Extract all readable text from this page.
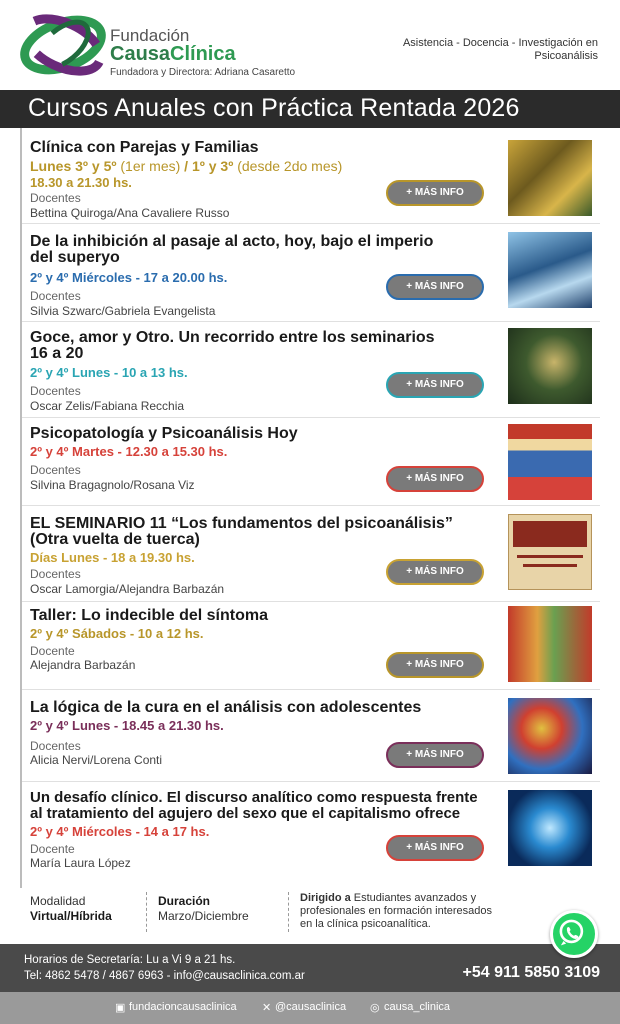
Fundación
CausaClínica
Fundadora y Directora: Adriana Casaretto
Asistencia - Docencia - Investigación en
Psicoanálisis
Cursos Anuales con Práctica Rentada 2026
Clínica con Parejas y Familias
Lunes 3º y 5º (1er mes) / 1º y 3º (desde 2do mes)
18.30 a 21.30 hs.
Docentes
Bettina Quiroga/Ana Cavaliere Russo
+ MÁS INFO
De la inhibición al pasaje al acto, hoy, bajo el imperio
del superyo
2º y 4º Miércoles - 17 a 20.00 hs.
Docentes
Silvia Szwarc/Gabriela Evangelista
+ MÁS INFO
Goce, amor y Otro. Un recorrido entre los seminarios
16 a 20
2º y 4º Lunes - 10 a 13 hs.
Docentes
Oscar Zelis/Fabiana Recchia
+ MÁS INFO
Psicopatología y Psicoanálisis Hoy
2º y 4º Martes - 12.30 a 15.30 hs.
Docentes
Silvina Bragagnolo/Rosana Viz	+ MÁS INFO
EL SEMINARIO 11 “Los fundamentos del psicoanálisis”
(Otra vuelta de tuerca)
Días Lunes - 18 a 19.30 hs.
Docentes
Oscar Lamorgia/Alejandra Barbazán
+ MÁS INFO
Taller: Lo indecible del síntoma
2º y 4º Sábados - 10 a 12 hs.
Docente
Alejandra Barbazán	+ MÁS INFO
La lógica de la cura en el análisis con adolescentes
2º y 4º Lunes - 18.45 a 21.30 hs.
Docentes
Alicia Nervi/Lorena Conti	+ MÁS INFO
Un desafío clínico. El discurso analítico como respuesta frente
al tratamiento del agujero del sexo que el capitalismo ofrece
2º y 4º Miércoles - 14 a 17 hs.
Docente
María Laura López
+ MÁS INFO
Modalidad
Virtual/Híbrida
Duración
Marzo/Diciembre
Dirigido a Estudiantes avanzados y
profesionales en formación interesados
en la clínica psicoanalítica.
Horarios de Secretaría: Lu a Vi 9 a 21 hs.
Tel: 4862 5478 / 4867 6963 - info@causaclinica.com.ar	+54 911 5850 3109
▣ fundacioncausaclinica ✕ @causaclinica ◎ causa_clinica
